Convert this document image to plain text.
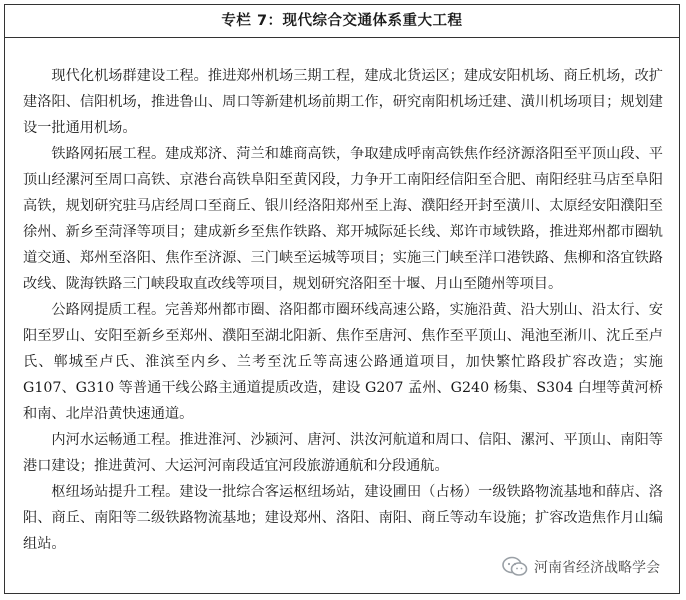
专栏 7：现代综合交通体系重大工程

现代化机场群建设工程。推进郑州机场三期工程，建成北货运区；建成安阳机场、商丘机场，改扩建洛阳、信阳机场，推进鲁山、周口等新建机场前期工作，研究南阳机场迁建、潢川机场项目；规划建设一批通用机场。

铁路网拓展工程。建成郑济、菏兰和雄商高铁，争取建成呼南高铁焦作经济源洛阳至平顶山段、平顶山经漯河至周口高铁、京港台高铁阜阳至黄冈段，力争开工南阳经信阳至合肥、南阳经驻马店至阜阳高铁，规划研究驻马店经周口至商丘、银川经洛阳郑州至上海、濮阳经开封至潢川、太原经安阳濮阳至徐州、新乡至菏泽等项目；建成新乡至焦作铁路、郑开城际延长线、郑许市域铁路，推进郑州都市圈轨道交通、郑州至洛阳、焦作至济源、三门峡至运城等项目；实施三门峡至洋口港铁路、焦柳和洛宜铁路改线、陇海铁路三门峡段取直改线等项目，规划研究洛阳至十堰、月山至随州等项目。

公路网提质工程。完善郑州都市圈、洛阳都市圈环线高速公路，实施沿黄、沿大别山、沿太行、安阳至罗山、安阳至新乡至郑州、濮阳至湖北阳新、焦作至唐河、焦作至平顶山、渑池至淅川、沈丘至卢氏、郸城至卢氏、淮滨至内乡、兰考至沈丘等高速公路通道项目，加快繁忙路段扩容改造；实施 G107、G310 等普通干线公路主通道提质改造，建设 G207 孟州、G240 杨集、S304 白埋等黄河桥和南、北岸沿黄快速通道。

内河水运畅通工程。推进淮河、沙颍河、唐河、洪汝河航道和周口、信阳、漯河、平顶山、南阳等港口建设；推进黄河、大运河河南段适宜河段旅游通航和分段通航。

枢纽场站提升工程。建设一批综合客运枢纽场站，建设圃田（占杨）一级铁路物流基地和薛店、洛阳、商丘、南阳等二级铁路物流基地；建设郑州、洛阳、南阳、商丘等动车设施；扩容改造焦作月山编组站。

河南省经济战略学会
